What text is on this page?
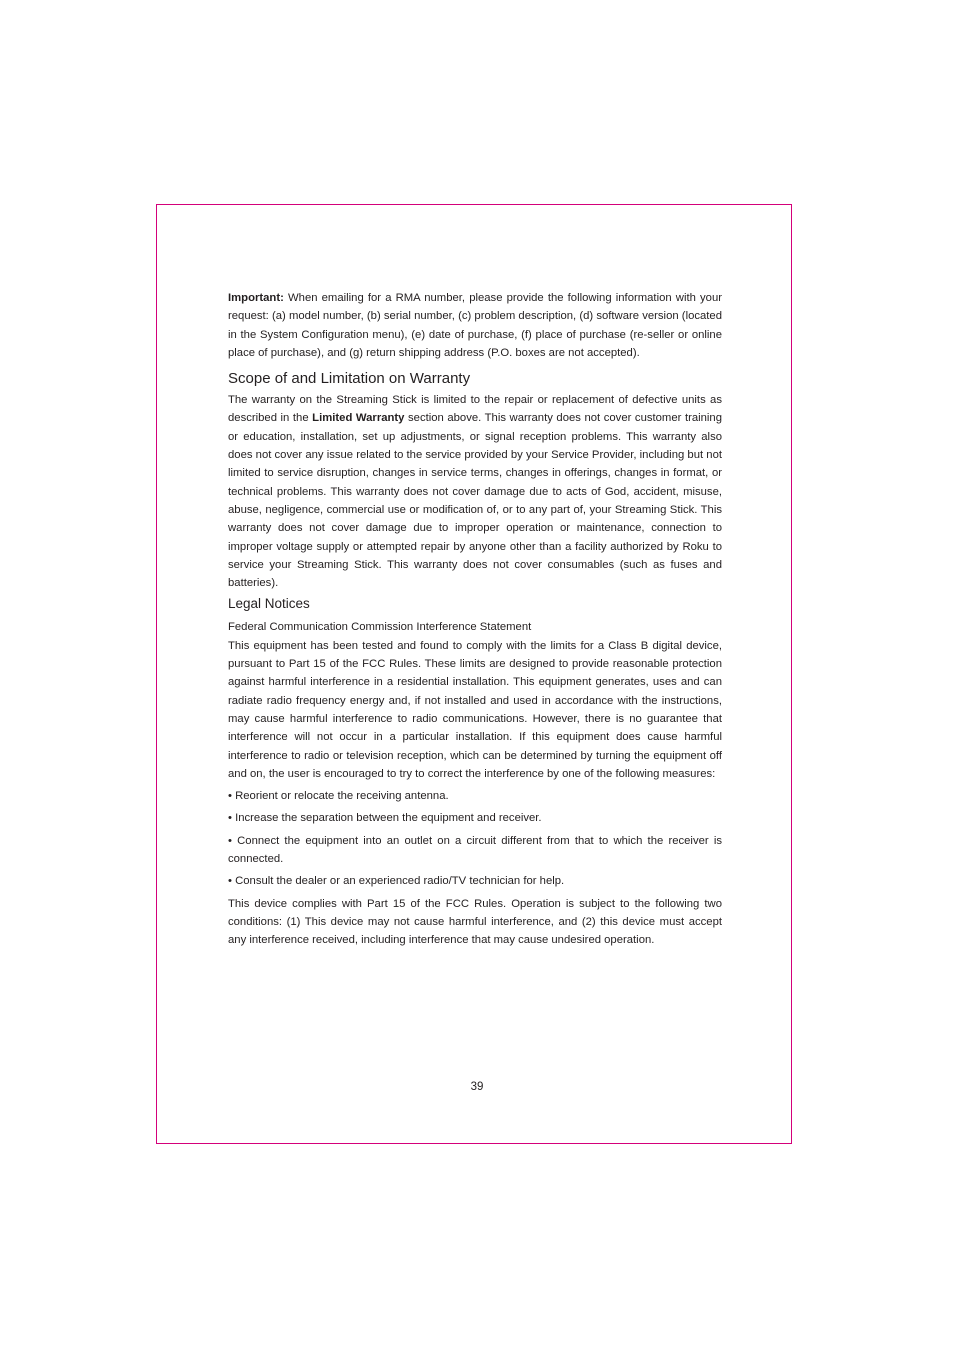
Important: When emailing for a RMA number, please provide the following information with your request: (a) model number, (b) serial number, (c) problem description, (d) software version (located in the System Configuration menu), (e) date of purchase, (f) place of purchase (re-seller or online place of purchase), and (g) return shipping address (P.O. boxes are not accepted).

Scope of and Limitation on Warranty

The warranty on the Streaming Stick is limited to the repair or replacement of defective units as described in the Limited Warranty section above. This warranty does not cover customer training or education, installation, set up adjustments, or signal reception problems. This warranty also does not cover any issue related to the service provided by your Service Provider, including but not limited to service disruption, changes in service terms, changes in offerings, changes in format, or technical problems. This warranty does not cover damage due to acts of God, accident, misuse, abuse, negligence, commercial use or modification of, or to any part of, your Streaming Stick. This warranty does not cover damage due to improper operation or maintenance, connection to improper voltage supply or attempted repair by anyone other than a facility authorized by Roku to service your Streaming Stick. This warranty does not cover consumables (such as fuses and batteries).

Legal Notices

Federal Communication Commission Interference Statement

This equipment has been tested and found to comply with the limits for a Class B digital device, pursuant to Part 15 of the FCC Rules. These limits are designed to provide reasonable protection against harmful interference in a residential installation. This equipment generates, uses and can radiate radio frequency energy and, if not installed and used in accordance with the instructions, may cause harmful interference to radio communications. However, there is no guarantee that interference will not occur in a particular installation. If this equipment does cause harmful interference to radio or television reception, which can be determined by turning the equipment off and on, the user is encouraged to try to correct the interference by one of the following measures:

• Reorient or relocate the receiving antenna.

• Increase the separation between the equipment and receiver.

• Connect the equipment into an outlet on a circuit different from that to which the receiver is connected.

• Consult the dealer or an experienced radio/TV technician for help.

This device complies with Part 15 of the FCC Rules. Operation is subject to the following two conditions: (1) This device may not cause harmful interference, and (2) this device must accept any interference received, including interference that may cause undesired operation.

39
